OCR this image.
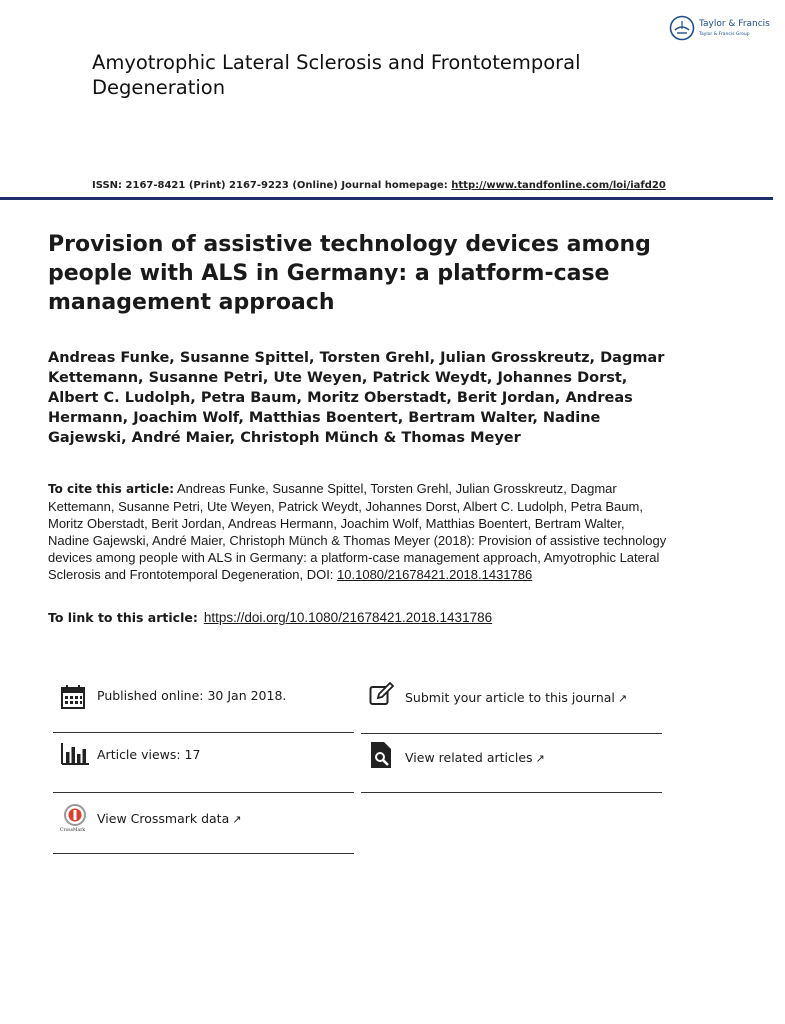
Taylor & Francis
Taylor & Francis Group
Amyotrophic Lateral Sclerosis and Frontotemporal Degeneration
ISSN: 2167-8421 (Print) 2167-9223 (Online) Journal homepage: http://www.tandfonline.com/loi/iafd20
Provision of assistive technology devices among people with ALS in Germany: a platform-case management approach
Andreas Funke, Susanne Spittel, Torsten Grehl, Julian Grosskreutz, Dagmar Kettemann, Susanne Petri, Ute Weyen, Patrick Weydt, Johannes Dorst, Albert C. Ludolph, Petra Baum, Moritz Oberstadt, Berit Jordan, Andreas Hermann, Joachim Wolf, Matthias Boentert, Bertram Walter, Nadine Gajewski, André Maier, Christoph Münch & Thomas Meyer
To cite this article: Andreas Funke, Susanne Spittel, Torsten Grehl, Julian Grosskreutz, Dagmar Kettemann, Susanne Petri, Ute Weyen, Patrick Weydt, Johannes Dorst, Albert C. Ludolph, Petra Baum, Moritz Oberstadt, Berit Jordan, Andreas Hermann, Joachim Wolf, Matthias Boentert, Bertram Walter, Nadine Gajewski, André Maier, Christoph Münch & Thomas Meyer (2018): Provision of assistive technology devices among people with ALS in Germany: a platform-case management approach, Amyotrophic Lateral Sclerosis and Frontotemporal Degeneration, DOI: 10.1080/21678421.2018.1431786
To link to this article: https://doi.org/10.1080/21678421.2018.1431786
Published online: 30 Jan 2018.
Article views: 17
CrossMark
View Crossmark data ↗
Submit your article to this journal ↗
View related articles ↗
